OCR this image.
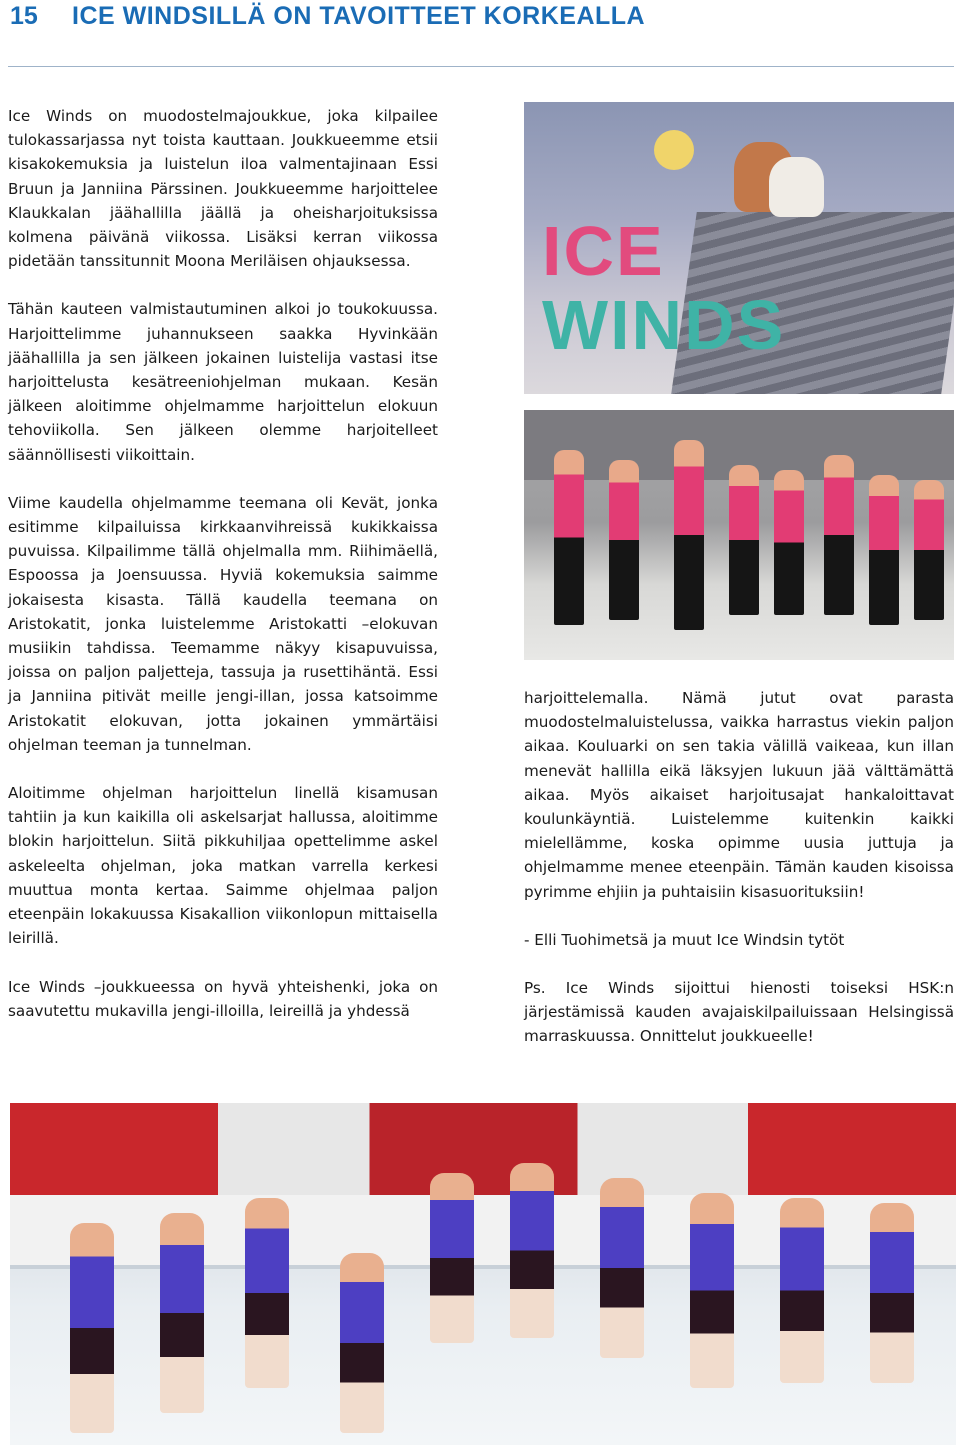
15 ICE WINDSILLÄ ON TAVOITTEET KORKEALLA

Ice Winds on muodostelmajoukkue, joka kilpailee tulokassarjassa nyt toista kauttaan. Joukkueemme etsii kisakokemuksia ja luistelun iloa valmentajinaan Essi Bruun ja Janniina Pärssinen. Joukkueemme harjoittelee Klaukkalan jäähallilla jäällä ja oheisharjoituksissa kolmena päivänä viikossa. Lisäksi kerran viikossa pidetään tanssitunnit Moona Meriläisen ohjauksessa.

Tähän kauteen valmistautuminen alkoi jo toukokuussa. Harjoittelimme juhannukseen saakka Hyvinkään jäähallilla ja sen jälkeen jokainen luistelija vastasi itse harjoittelusta kesätreeniohjelman mukaan. Kesän jälkeen aloitimme ohjelmamme harjoittelun elokuun tehoviikolla. Sen jälkeen olemme harjoitelleet säännöllisesti viikoittain.

Viime kaudella ohjelmamme teemana oli Kevät, jonka esitimme kilpailuissa kirkkaanvihreissä kukikkaissa puvuissa. Kilpailimme tällä ohjelmalla mm. Riihimäellä, Espoossa ja Joensuussa. Hyviä kokemuksia saimme jokaisesta kisasta. Tällä kaudella teemana on Aristokatit, jonka luistelemme Aristokatti –elokuvan musiikin tahdissa. Teemamme näkyy kisapuvuissa, joissa on paljon paljetteja, tassuja ja rusettihäntä. Essi ja Janniina pitivät meille jengi-illan, jossa katsoimme Aristokatit elokuvan, jotta jokainen ymmärtäisi ohjelman teeman ja tunnelman.

Aloitimme ohjelman harjoittelun linellä kisamusan tahtiin ja kun kaikilla oli askelsarjat hallussa, aloitimme blokin harjoittelun. Siitä pikkuhiljaa opettelimme askel askeleelta ohjelman, joka matkan varrella kerkesi muuttua monta kertaa. Saimme ohjelmaa paljon eteenpäin lokakuussa Kisakallion viikonlopun mittaisella leirillä.

Ice Winds –joukkueessa on hyvä yhteishenki, joka on saavutettu mukavilla jengi-illoilla, leireillä ja yhdessä

harjoittelemalla. Nämä jutut ovat parasta muodostelmaluistelussa, vaikka harrastus viekin paljon aikaa. Kouluarki on sen takia välillä vaikeaa, kun illan menevät hallilla eikä läksyjen lukuun jää välttämättä aikaa. Myös aikaiset harjoitusajat hankaloittavat koulunkäyntiä. Luistelemme kuitenkin kaikki mielellämme, koska opimme uusia juttuja ja ohjelmamme menee eteenpäin. Tämän kauden kisoissa pyrimme ehjiin ja puhtaisiin kisasuorituksiin!

- Elli Tuohimetsä ja muut Ice Windsin tytöt

Ps. Ice Winds sijoittui hienosti toiseksi HSK:n järjestämissä kauden avajaiskilpailuissaan Helsingissä marraskuussa. Onnittelut joukkueelle!

ICE
WINDS
